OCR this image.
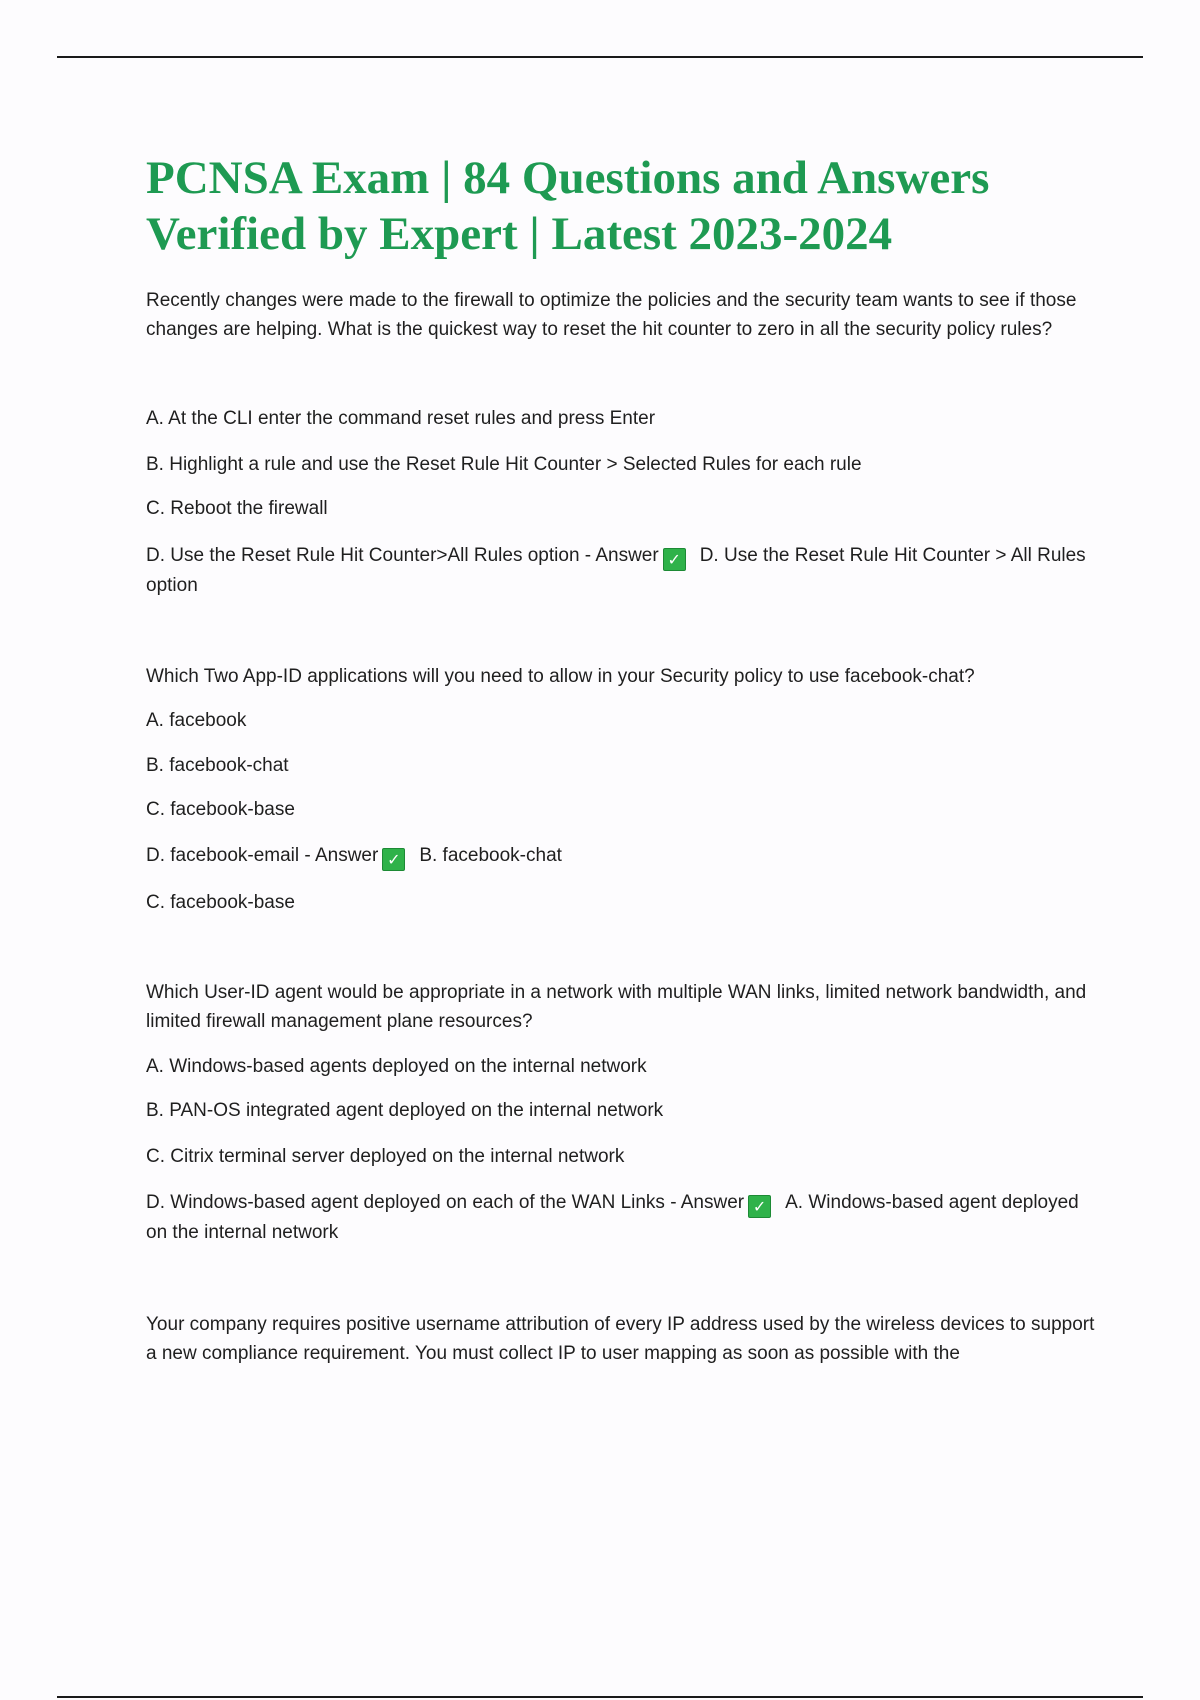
PCNSA Exam | 84 Questions and Answers
Verified by Expert | Latest 2023-2024

Recently changes were made to the firewall to optimize the policies and the security team wants to see if those changes are helping. What is the quickest way to reset the hit counter to zero in all the security policy rules?

A. At the CLI enter the command reset rules and press Enter

B. Highlight a rule and use the Reset Rule Hit Counter > Selected Rules for each rule

C. Reboot the firewall

D. Use the Reset Rule Hit Counter>All Rules option - Answer ✓ D. Use the Reset Rule Hit Counter > All Rules option

Which Two App-ID applications will you need to allow in your Security policy to use facebook-chat?

A. facebook

B. facebook-chat

C. facebook-base

D. facebook-email - Answer ✓ B. facebook-chat

C. facebook-base

Which User-ID agent would be appropriate in a network with multiple WAN links, limited network bandwidth, and limited firewall management plane resources?

A. Windows-based agents deployed on the internal network

B. PAN-OS integrated agent deployed on the internal network

C. Citrix terminal server deployed on the internal network

D. Windows-based agent deployed on each of the WAN Links - Answer ✓ A. Windows-based agent deployed on the internal network

Your company requires positive username attribution of every IP address used by the wireless devices to support a new compliance requirement. You must collect IP to user mapping as soon as possible with the
